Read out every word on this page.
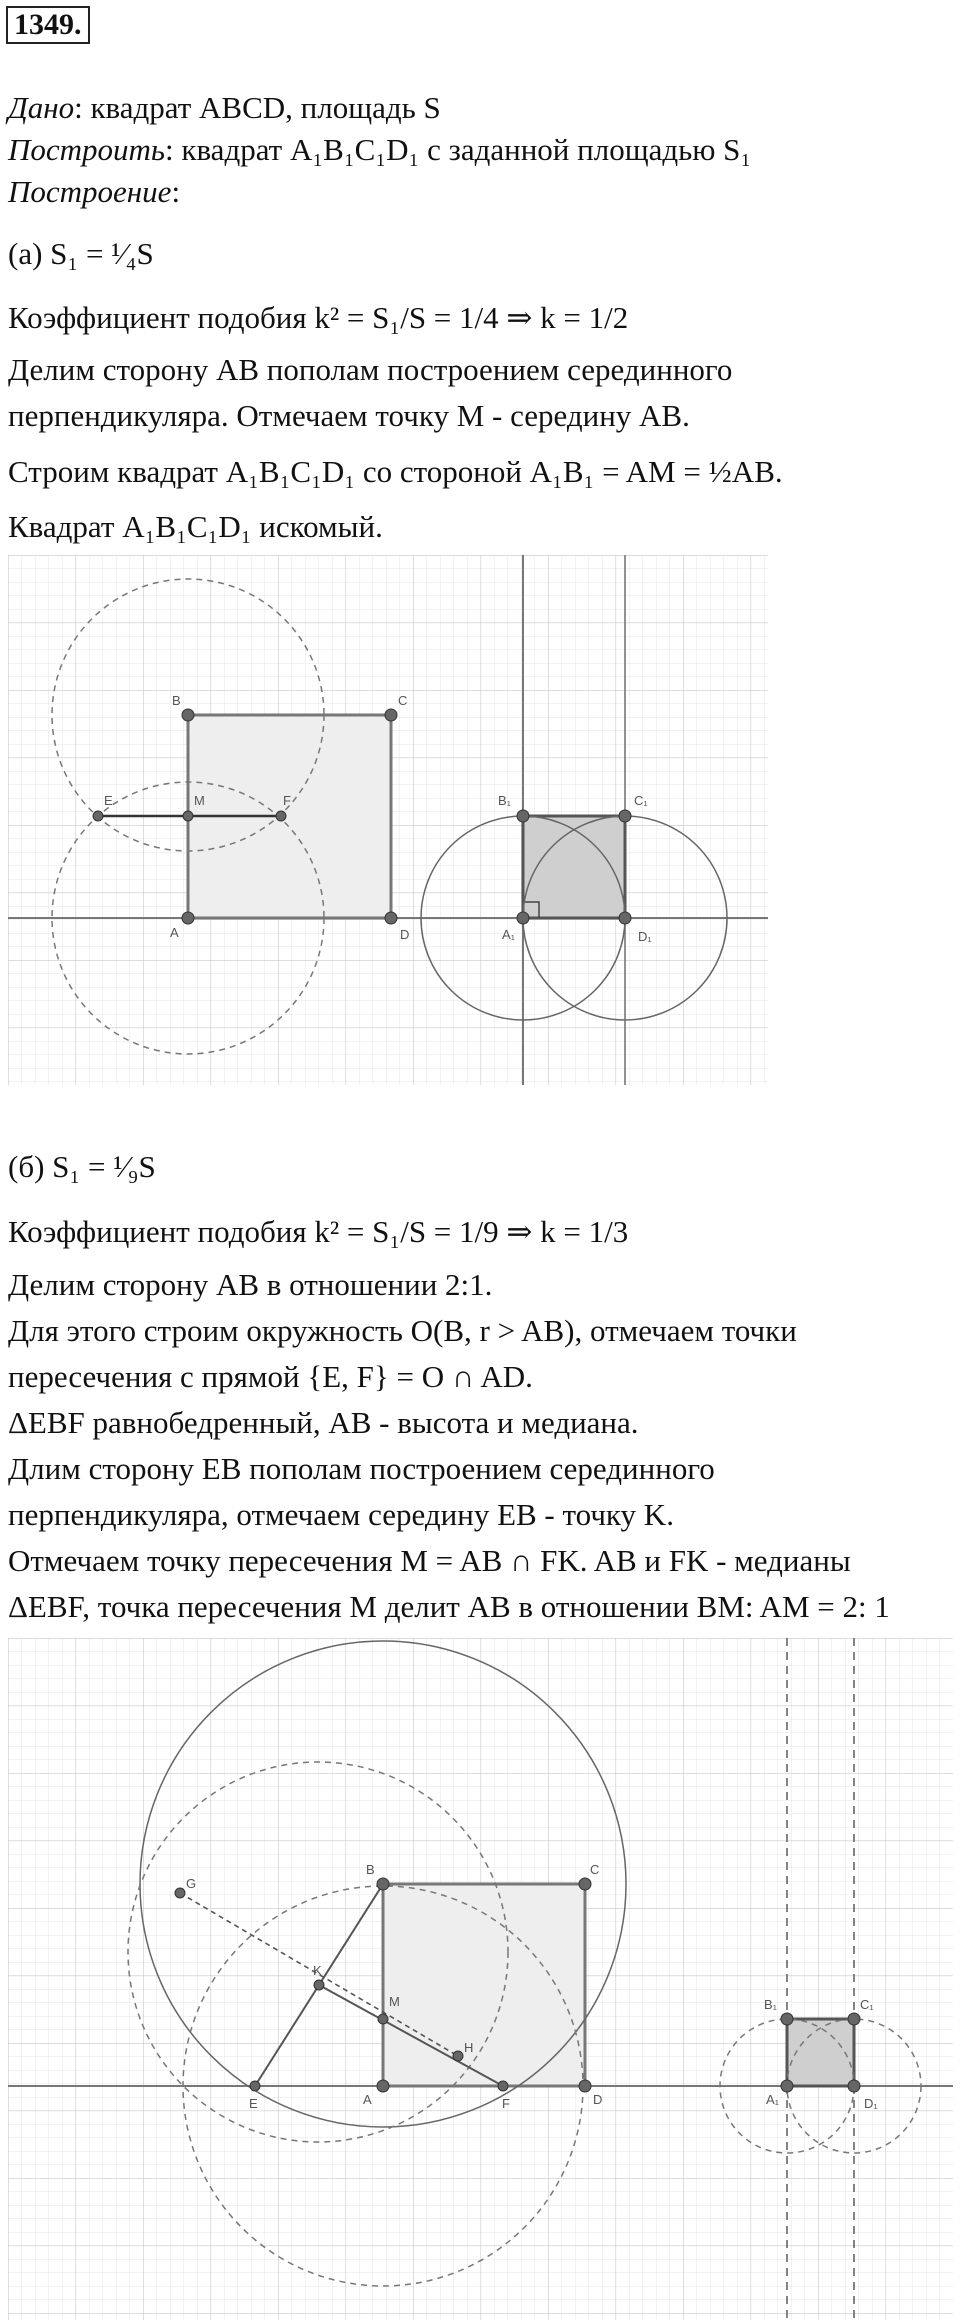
1349.
Дано: квадрат ABCD, площадь S
Построить: квадрат A₁B₁C₁D₁ с заданной площадью S₁
Построение:
(а) S₁ = ¹⁄₄S
Коэффициент подобия k² = S₁/S = 1/4 ⇒ k = 1/2
Делим сторону AB пополам построением серединного
перпендикуляра. Отмечаем точку M - середину AB.
Строим квадрат A₁B₁C₁D₁ со стороной A₁B₁ = AM = ½AB.
Квадрат A₁B₁C₁D₁ искомый.
A
B	C
D
M
E	F
A₁
B₁	C₁
D₁
(б) S₁ = ¹⁄₉S
Коэффициент подобия k² = S₁/S = 1/9 ⇒ k = 1/3
Делим сторону AB в отношении 2:1.
Для этого строим окружность O(B, r > AB), отмечаем точки
пересечения с прямой {E, F} = O ∩ AD.
ΔEBF равнобедренный, AB - высота и медиана.
Длим сторону EB пополам построением серединного
перпендикуляра, отмечаем середину EB - точку K.
Отмечаем точку пересечения M = AB ∩ FK. AB и FK - медианы
ΔEBF, точка пересечения M делит AB в отношении BM: AM = 2: 1
A
B	C
D
M
E	F
G
K
H
A₁
B₁	C₁
D₁
